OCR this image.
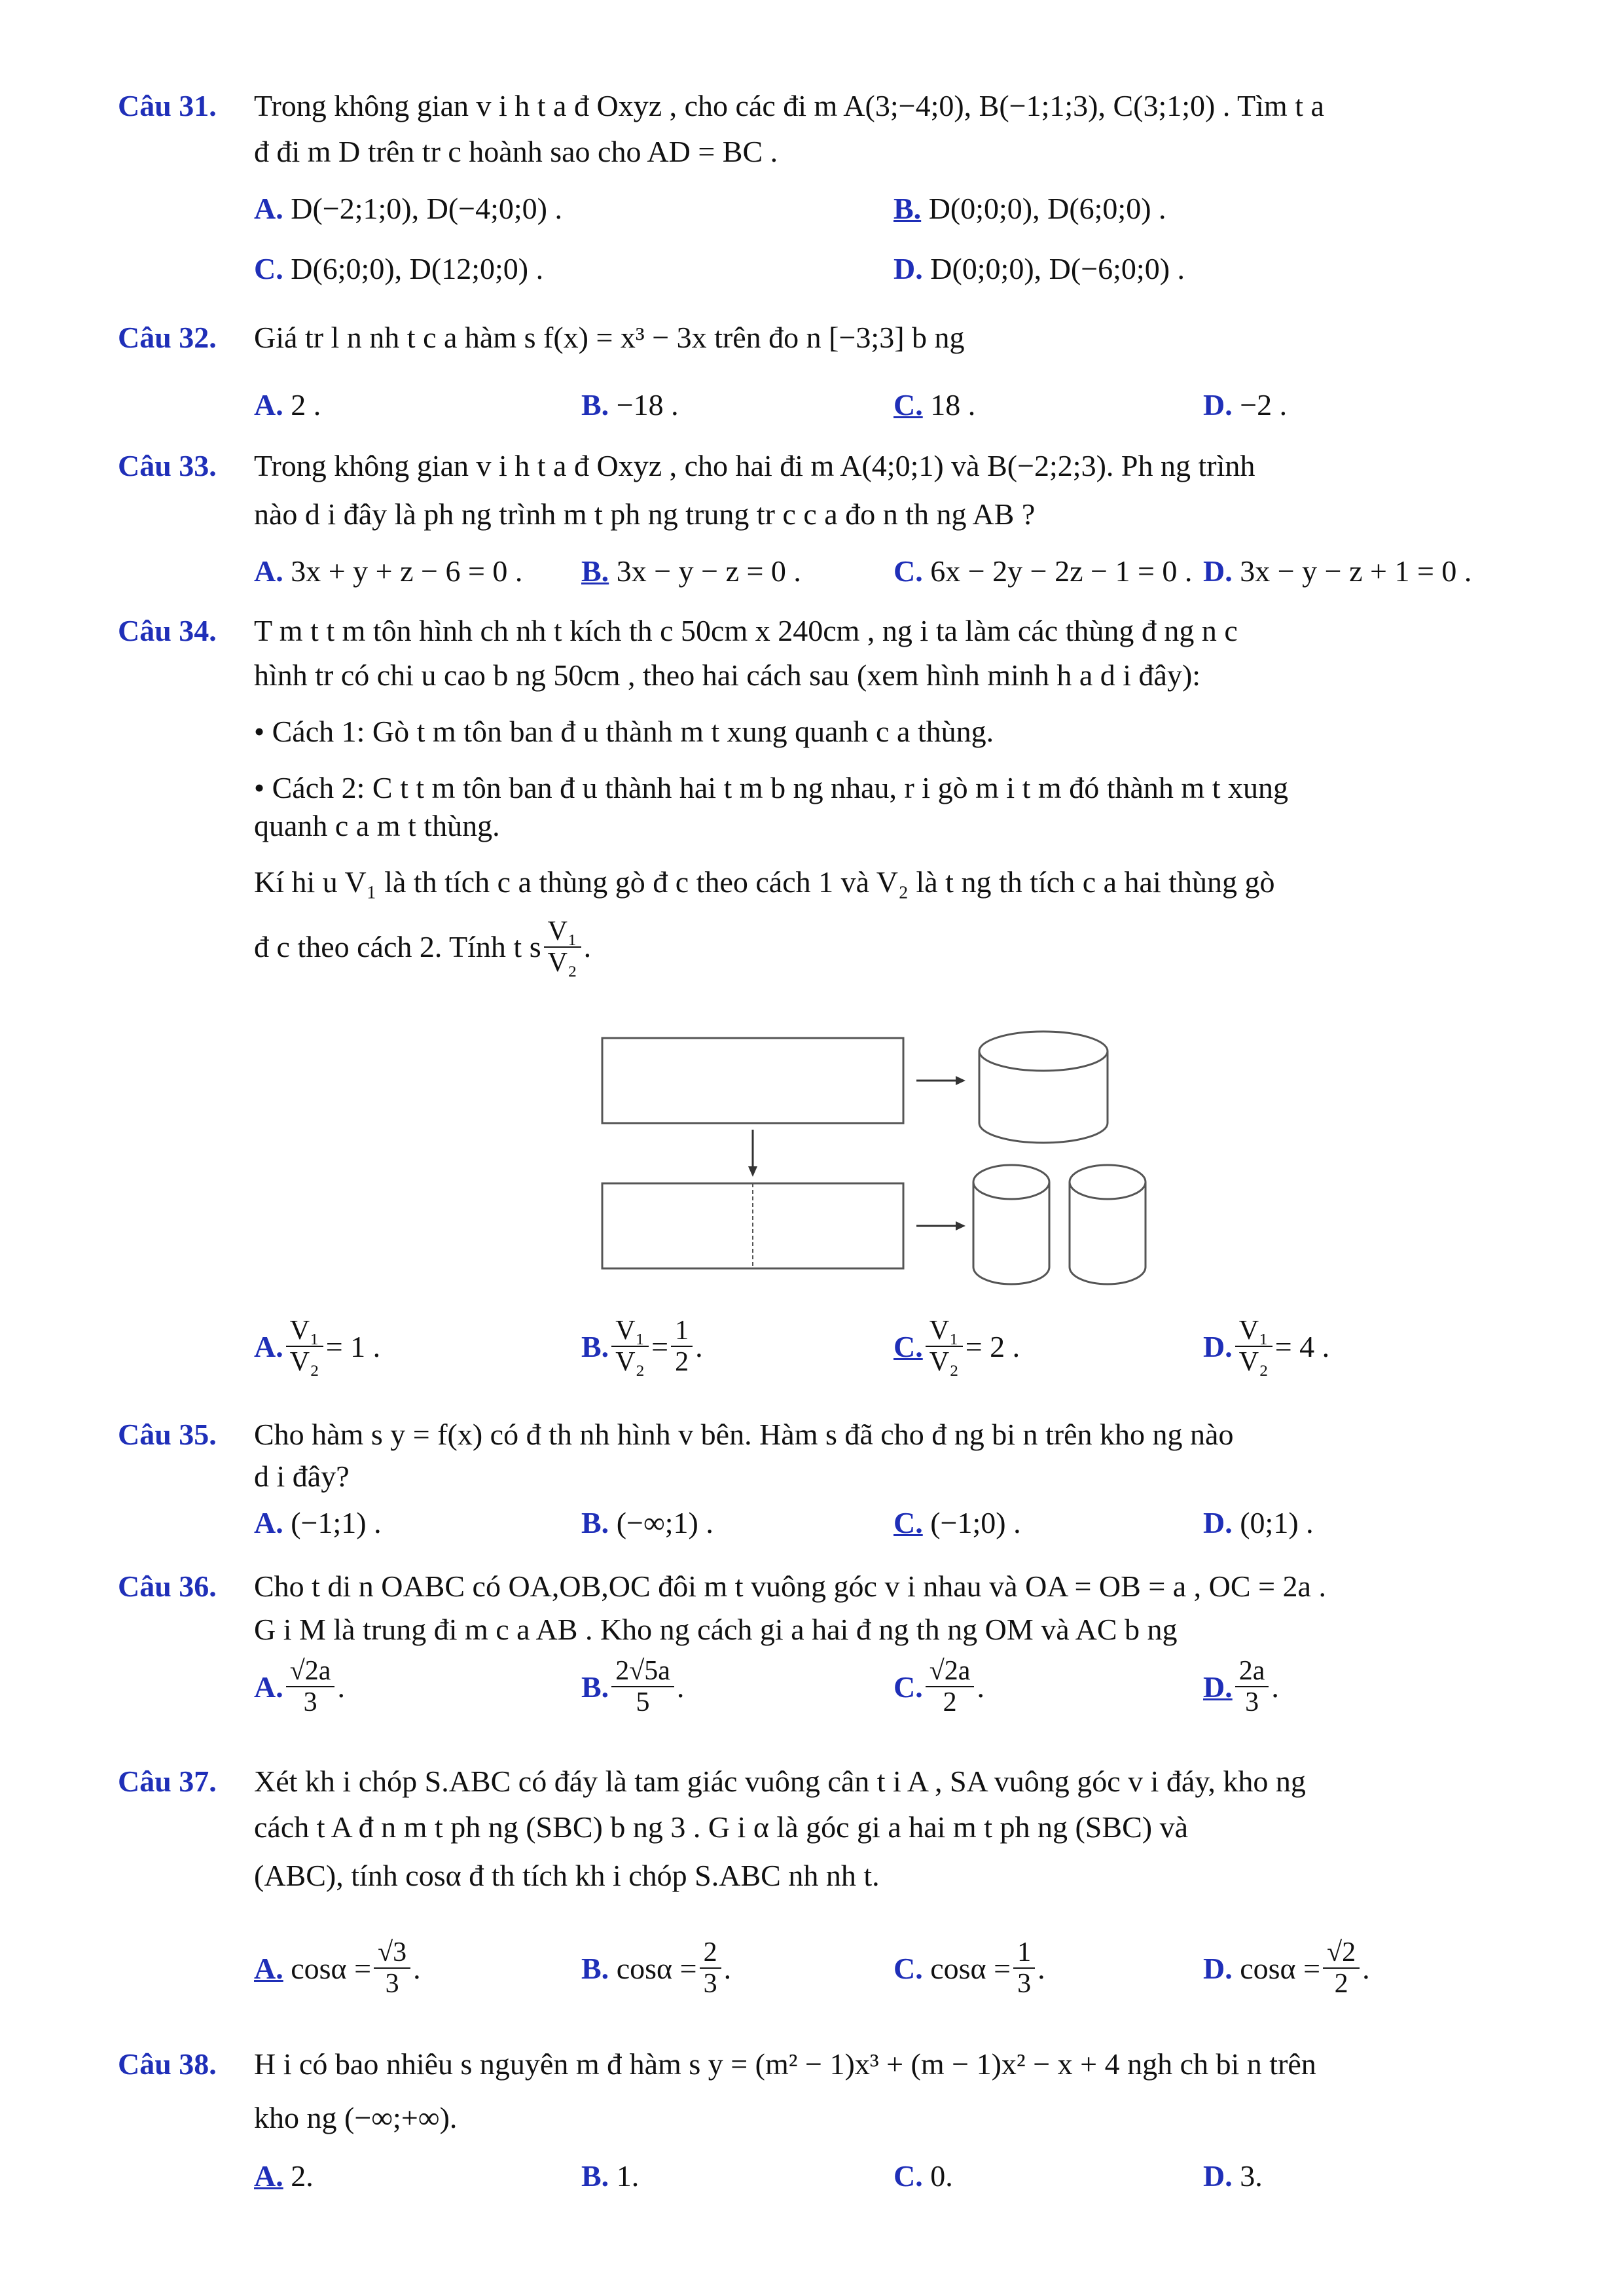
Câu 31. Trong không gian v i h t a đ Oxyz , cho các đi m A(3;−4;0), B(−1;1;3), C(3;1;0) . Tìm t a
đ đi m D trên tr c hoành sao cho AD = BC .
A. D(−2;1;0), D(−4;0;0) .	B. D(0;0;0), D(6;0;0) .
C. D(6;0;0), D(12;0;0) .	D. D(0;0;0), D(−6;0;0) .
Câu 32. Giá tr l n nh t c a hàm s f(x) = x³ − 3x trên đo n [−3;3] b ng
A. 2 .	B. −18 .	C. 18 .	D. −2 .
Câu 33. Trong không gian v i h t a đ Oxyz , cho hai đi m A(4;0;1) và B(−2;2;3). Ph ng trình
nào d i đây là ph ng trình m t ph ng trung tr c c a đo n th ng AB ?
A. 3x + y + z − 6 = 0 . B. 3x − y − z = 0 .	C. 6x − 2y − 2z − 1 = 0 . D. 3x − y − z + 1 = 0 .
Câu 34. T m t t m tôn hình ch nh t kích th c 50cm x 240cm , ng i ta làm các thùng đ ng n c
hình tr có chi u cao b ng 50cm , theo hai cách sau (xem hình minh h a d i đây):
• Cách 1: Gò t m tôn ban đ u thành m t xung quanh c a thùng.
• Cách 2: C t t m tôn ban đ u thành hai t m b ng nhau, r i gò m i t m đó thành m t xung
quanh c a m t thùng.
Kí hi u V₁ là th tích c a thùng gò đ c theo cách 1 và V₂ là t ng th tích c a hai thùng gò
đ c theo cách 2. Tính t s $\frac{\text{V₁}}{\text{V₂}}$ .
A. $\frac{\text{V₁}}{\text{V₂}} = 1$ .	B. $\frac{\text{V₁}}{\text{V₂}} = \frac{1}{2}$ .	C. $\frac{\text{V₁}}{\text{V₂}} = 2$ .	D. $\frac{\text{V₁}}{\text{V₂}} = 4$ .
Câu 35. Cho hàm s y = f(x) có đ th nh hình v bên. Hàm s đã cho đ ng bi n trên kho ng nào
d i đây?
A. (−1;1) .	B. (−∞;1) .	C. (−1;0) .	D. (0;1) .
Câu 36. Cho t di n OABC có OA,OB,OC đôi m t vuông góc v i nhau và OA = OB = a , OC = 2a .
G i M là trung đi m c a AB . Kho ng cách gi a hai đ ng th ng OM và AC b ng
A. $\frac{√2a}{3}$ .	B. $\frac{2√5a}{5}$ .	C. $\frac{√2a}{2}$ .	D. $\frac{2a}{3}$ .
Câu 37. Xét kh i chóp S.ABC có đáy là tam giác vuông cân t i A , SA vuông góc v i đáy, kho ng
cách t A đ n m t ph ng (SBC) b ng 3 . G i α là góc gi a hai m t ph ng (SBC) và
(ABC), tính cosα đ th tích kh i chóp S.ABC nh nh t.
A.
$\cos\alpha = \frac{√3}{3}$ .	B.
$\cos\alpha = \frac{2}{3}$ .	C.
$\cos\alpha = \frac{1}{3}$ .	D.
$\cos\alpha = \frac{√2}{2}$ .
Câu 38. H i có bao nhiêu s nguyên m đ hàm s y = (m² − 1)x³ + (m − 1)x² − x + 4 ngh ch bi n trên
kho ng (−∞;+∞).
A. 2.	B. 1.	C. 0.	D. 3.
